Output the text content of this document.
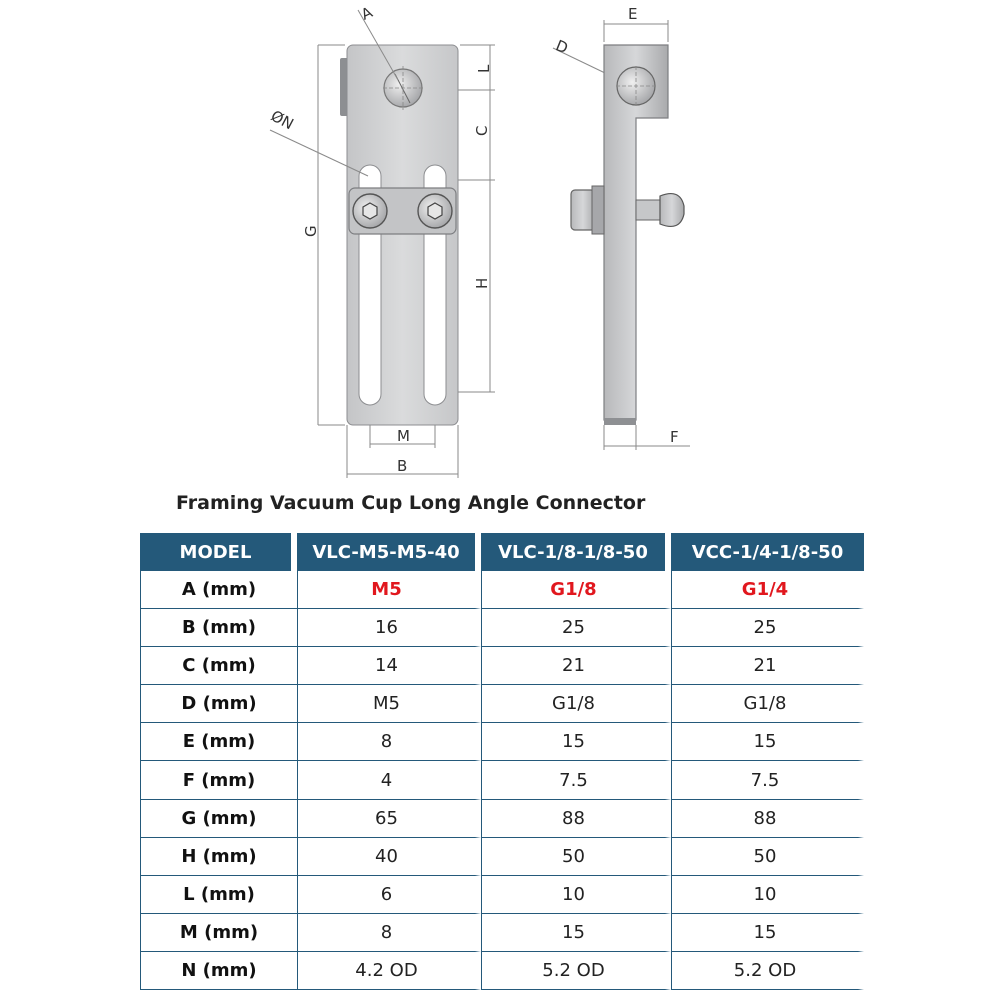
A
ØN
G
L
C
H
M
B
E
D
F
Framing Vacuum Cup Long Angle Connector
MODEL	VLC-M5-M5-40	VLC-1/8-1/8-50	VCC-1/4-1/8-50
A (mm)	M5	G1/8	G1/4
B (mm)	16	25	25
C (mm)	14	21	21
D (mm)	M5	G1/8	G1/8
E (mm)	8	15	15
F (mm)	4	7.5	7.5
G (mm)	65	88	88
H (mm)	40	50	50
L (mm)	6	10	10
M (mm)	8	15	15
N (mm)	4.2 OD	5.2 OD	5.2 OD
